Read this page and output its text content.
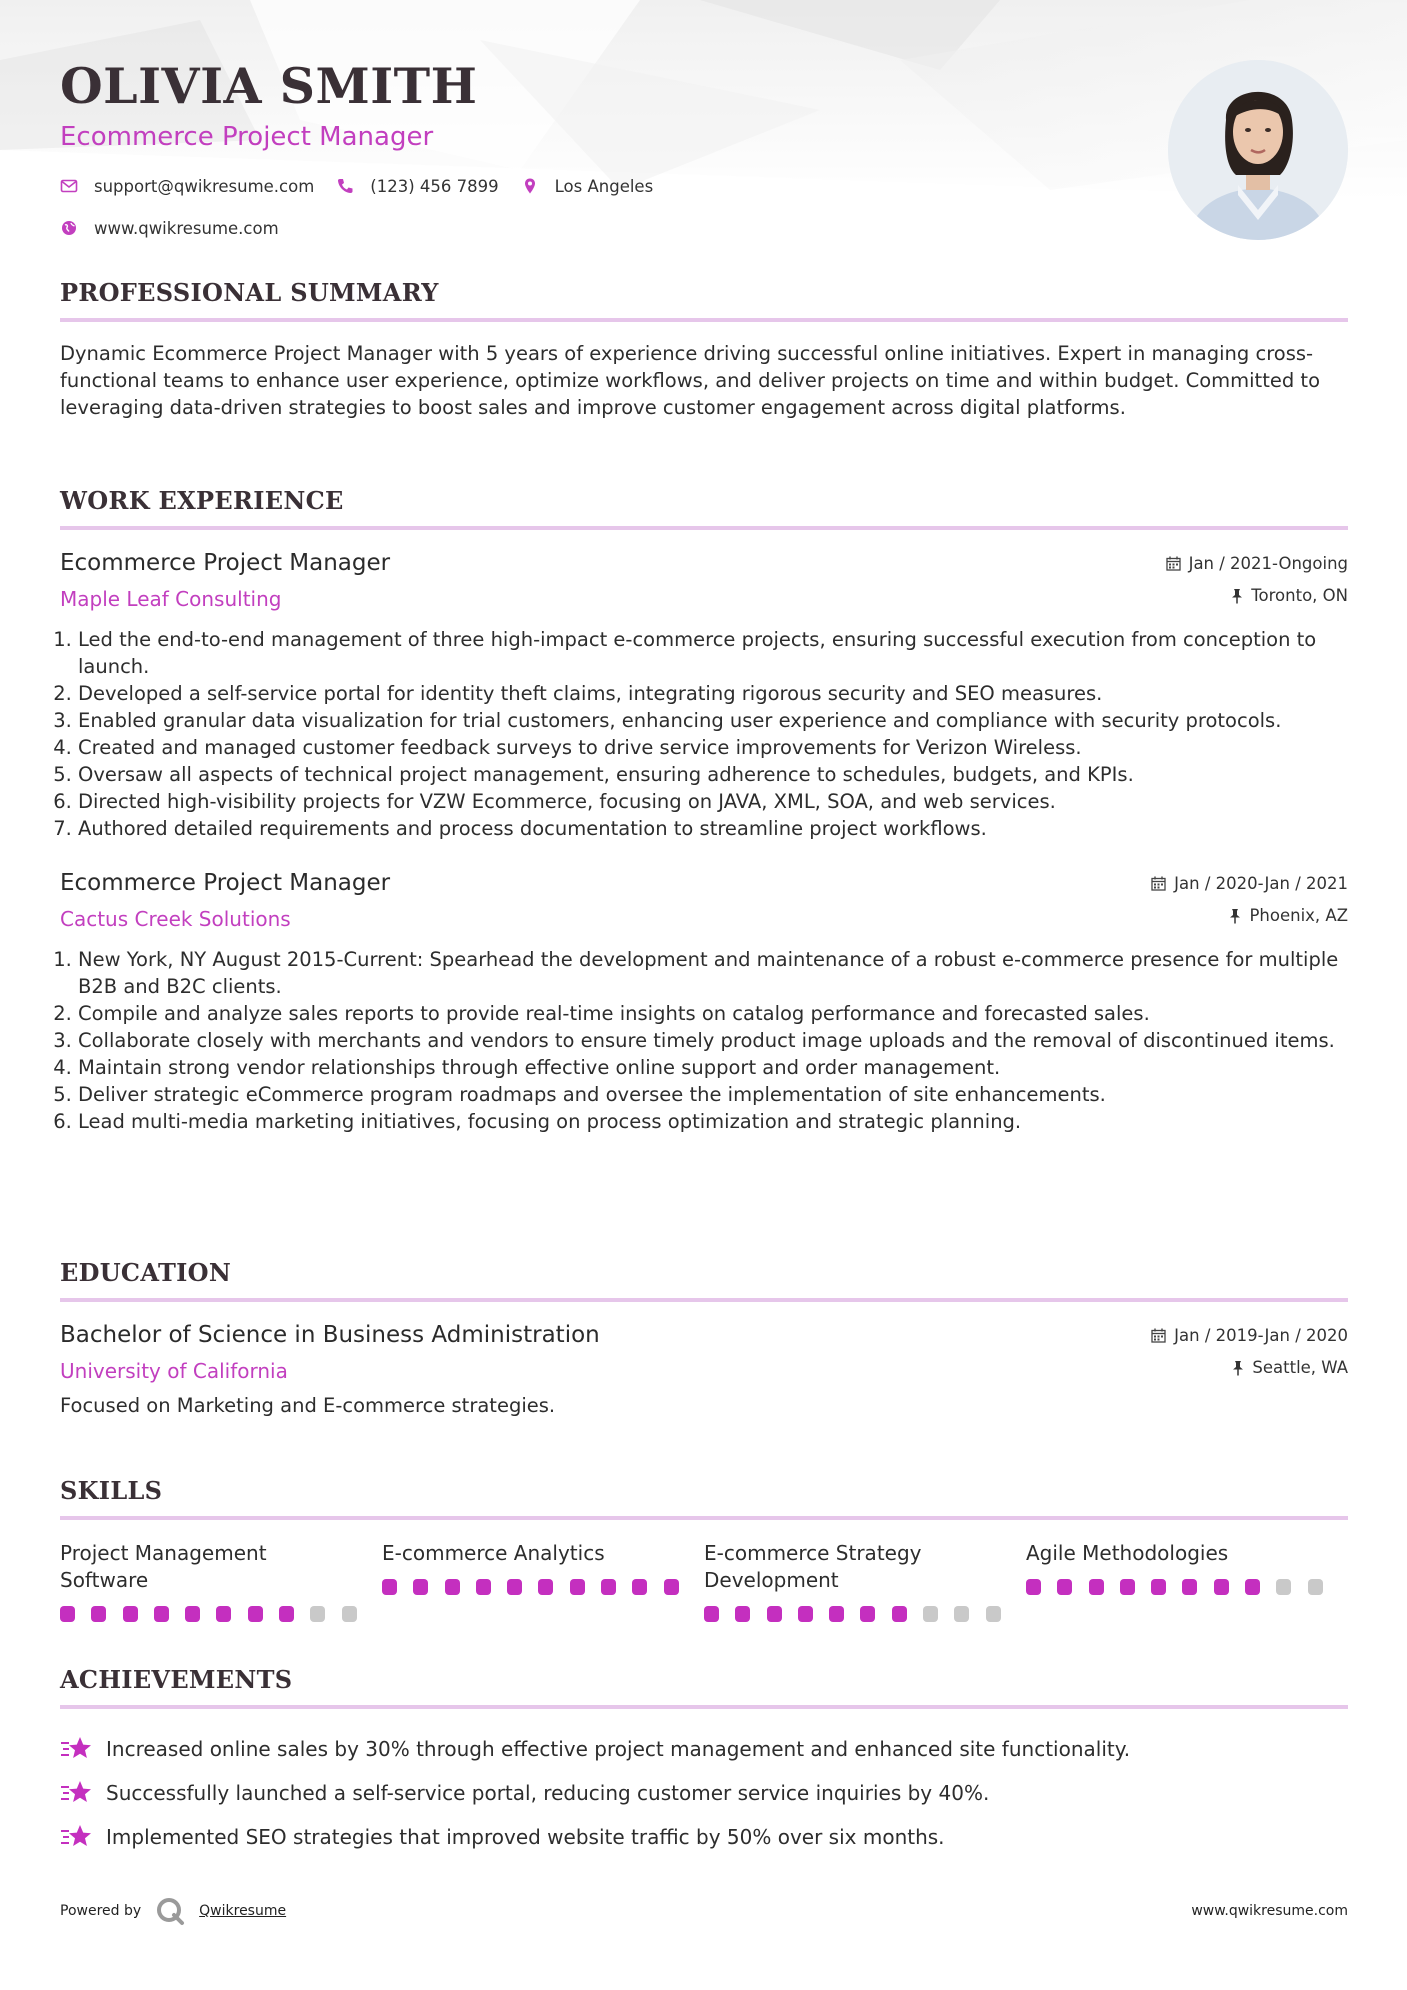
OLIVIA SMITH
Ecommerce Project Manager
support@qwikresume.com	(123) 456 7899	Los Angeles
www.qwikresume.com
PROFESSIONAL SUMMARY
Dynamic Ecommerce Project Manager with 5 years of experience driving successful online initiatives. Expert in managing cross-functional teams to enhance user experience, optimize workflows, and deliver projects on time and within budget. Committed to leveraging data-driven strategies to boost sales and improve customer engagement across digital platforms.
WORK EXPERIENCE
Ecommerce Project Manager
Maple Leaf Consulting
Jan / 2021-Ongoing
Toronto, ON
1. Led the end-to-end management of three high-impact e-commerce projects, ensuring successful execution from conception to launch.
2. Developed a self-service portal for identity theft claims, integrating rigorous security and SEO measures.
3. Enabled granular data visualization for trial customers, enhancing user experience and compliance with security protocols.
4. Created and managed customer feedback surveys to drive service improvements for Verizon Wireless.
5. Oversaw all aspects of technical project management, ensuring adherence to schedules, budgets, and KPIs.
6. Directed high-visibility projects for VZW Ecommerce, focusing on JAVA, XML, SOA, and web services.
7. Authored detailed requirements and process documentation to streamline project workflows.
Ecommerce Project Manager
Cactus Creek Solutions
Jan / 2020-Jan / 2021
Phoenix, AZ
1. New York, NY August 2015-Current: Spearhead the development and maintenance of a robust e-commerce presence for multiple B2B and B2C clients.
2. Compile and analyze sales reports to provide real-time insights on catalog performance and forecasted sales.
3. Collaborate closely with merchants and vendors to ensure timely product image uploads and the removal of discontinued items.
4. Maintain strong vendor relationships through effective online support and order management.
5. Deliver strategic eCommerce program roadmaps and oversee the implementation of site enhancements.
6. Lead multi-media marketing initiatives, focusing on process optimization and strategic planning.
EDUCATION
Bachelor of Science in Business Administration
University of California
Jan / 2019-Jan / 2020
Seattle, WA
Focused on Marketing and E-commerce strategies.
SKILLS
Project Management Software
E-commerce Analytics	E-commerce Strategy Development
Agile Methodologies
ACHIEVEMENTS
Increased online sales by 30% through effective project management and enhanced site functionality.
Successfully launched a self-service portal, reducing customer service inquiries by 40%.
Implemented SEO strategies that improved website traffic by 50% over six months.
Powered by	Qwikresume	www.qwikresume.com
